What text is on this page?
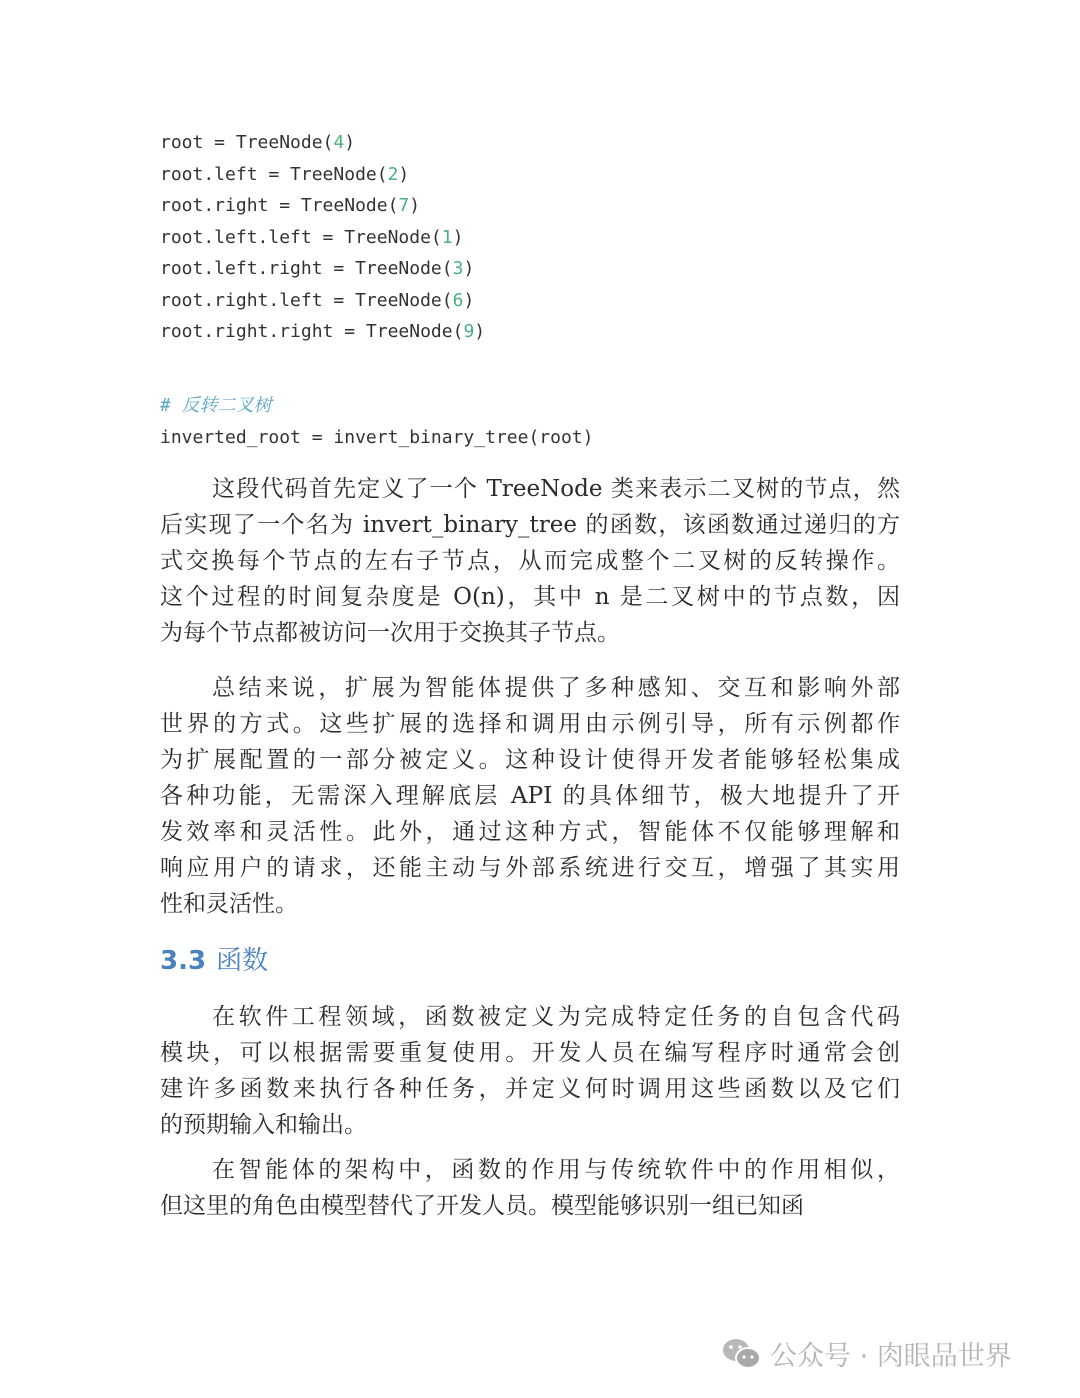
root = TreeNode(4)
root.left = TreeNode(2)
root.right = TreeNode(7)
root.left.left = TreeNode(1)
root.left.right = TreeNode(3)
root.right.left = TreeNode(6)
root.right.right = TreeNode(9)
# 反转二叉树
inverted_root = invert_binary_tree(root)
这段代码首先定义了一个 TreeNode 类来表示二叉树的节点，然
后实现了一个名为 invert_binary_tree 的函数，该函数通过递归的方
式交换每个节点的左右子节点，从而完成整个二叉树的反转操作。
这个过程的时间复杂度是 O(n)，其中 n 是二叉树中的节点数，因
为每个节点都被访问一次用于交换其子节点。
总结来说，扩展为智能体提供了多种感知、交互和影响外部
世界的方式。这些扩展的选择和调用由示例引导，所有示例都作
为扩展配置的一部分被定义。这种设计使得开发者能够轻松集成
各种功能，无需深入理解底层 API 的具体细节，极大地提升了开
发效率和灵活性。此外，通过这种方式，智能体不仅能够理解和
响应用户的请求，还能主动与外部系统进行交互，增强了其实用
性和灵活性。
3.3 函数
在软件工程领域，函数被定义为完成特定任务的自包含代码
模块，可以根据需要重复使用。开发人员在编写程序时通常会创
建许多函数来执行各种任务，并定义何时调用这些函数以及它们
的预期输入和输出。
在智能体的架构中，函数的作用与传统软件中的作用相似，
但这里的角色由模型替代了开发人员。模型能够识别一组已知函
公众号 · 肉眼品世界
